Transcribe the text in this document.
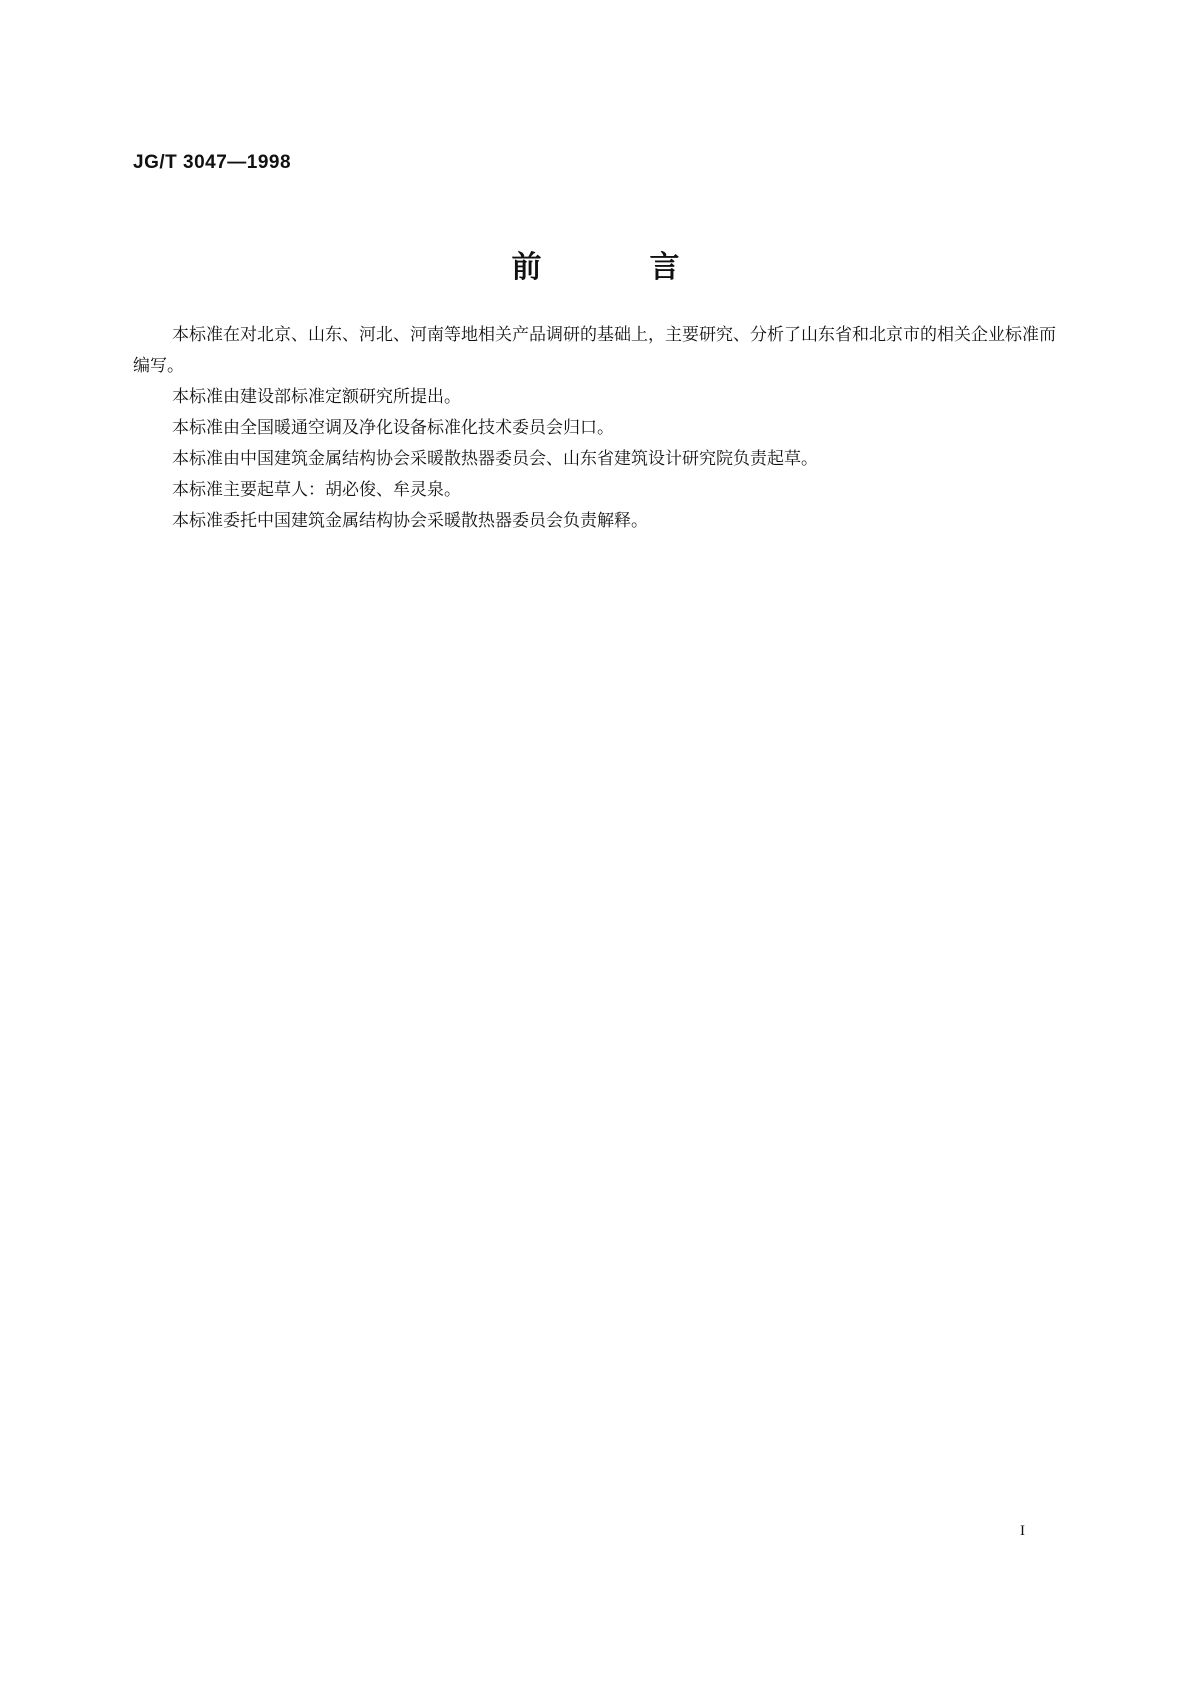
JG/T 3047—1998
前	言

本标准在对北京、山东、河北、河南等地相关产品调研的基础上，主要研究、分析了山东省和北京市的相关企业标准而编写。

本标准由建设部标准定额研究所提出。

本标准由全国暖通空调及净化设备标准化技术委员会归口。

本标准由中国建筑金属结构协会采暖散热器委员会、山东省建筑设计研究院负责起草。

本标准主要起草人：胡必俊、牟灵泉。

本标准委托中国建筑金属结构协会采暖散热器委员会负责解释。

I
